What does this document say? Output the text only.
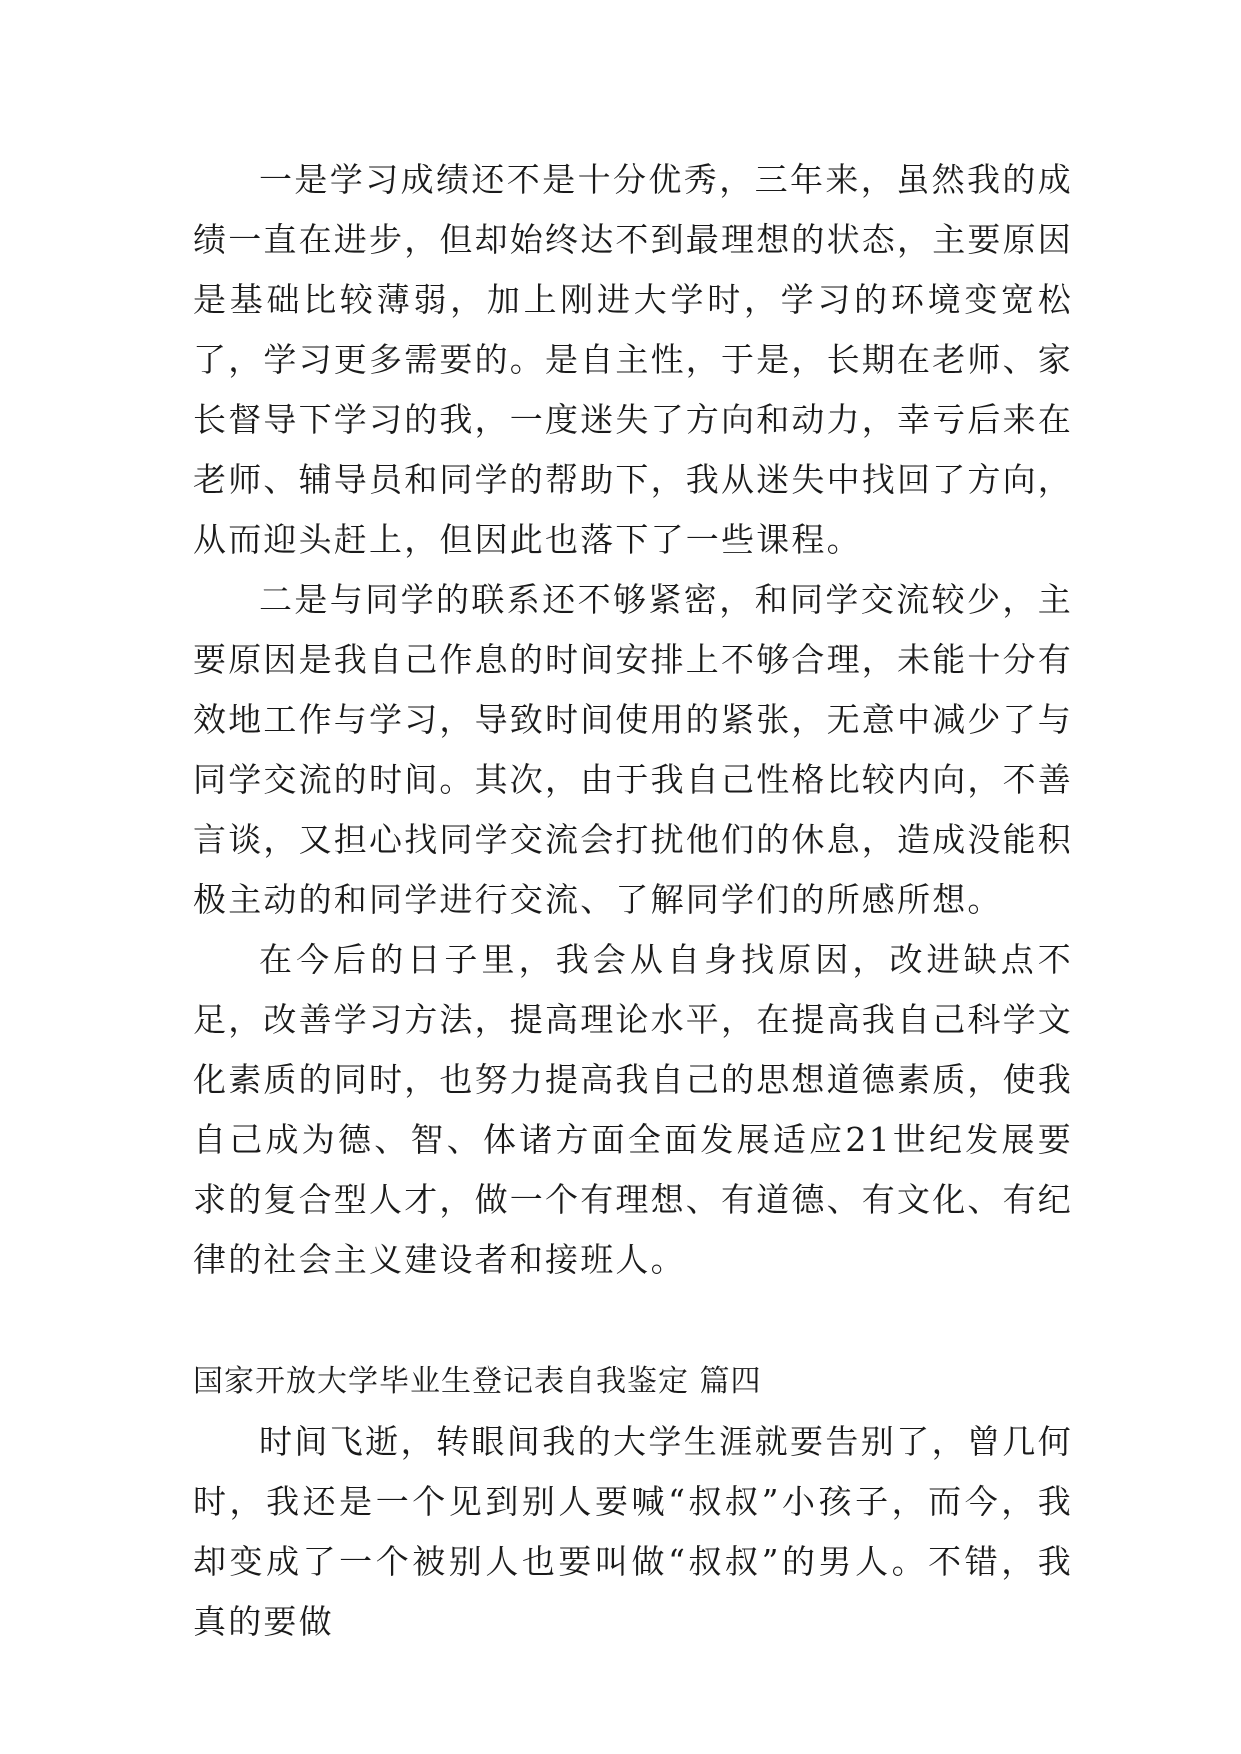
一是学习成绩还不是十分优秀，三年来，虽然我的成绩一直在进步，但却始终达不到最理想的状态，主要原因是基础比较薄弱，加上刚进大学时，学习的环境变宽松了，学习更多需要的。是自主性，于是，长期在老师、家长督导下学习的我，一度迷失了方向和动力，幸亏后来在老师、辅导员和同学的帮助下，我从迷失中找回了方向，从而迎头赶上，但因此也落下了一些课程。

二是与同学的联系还不够紧密，和同学交流较少，主要原因是我自己作息的时间安排上不够合理，未能十分有效地工作与学习，导致时间使用的紧张，无意中减少了与同学交流的时间。其次，由于我自己性格比较内向，不善言谈，又担心找同学交流会打扰他们的休息，造成没能积极主动的和同学进行交流、了解同学们的所感所想。

在今后的日子里，我会从自身找原因，改进缺点不足，改善学习方法，提高理论水平，在提高我自己科学文化素质的同时，也努力提高我自己的思想道德素质，使我自己成为德、智、体诸方面全面发展适应21世纪发展要求的复合型人才，做一个有理想、有道德、有文化、有纪律的社会主义建设者和接班人。

国家开放大学毕业生登记表自我鉴定 篇四

时间飞逝，转眼间我的大学生涯就要告别了，曾几何时，我还是一个见到别人要喊“叔叔”小孩子，而今，我却变成了一个被别人也要叫做“叔叔”的男人。不错，我真的要做
